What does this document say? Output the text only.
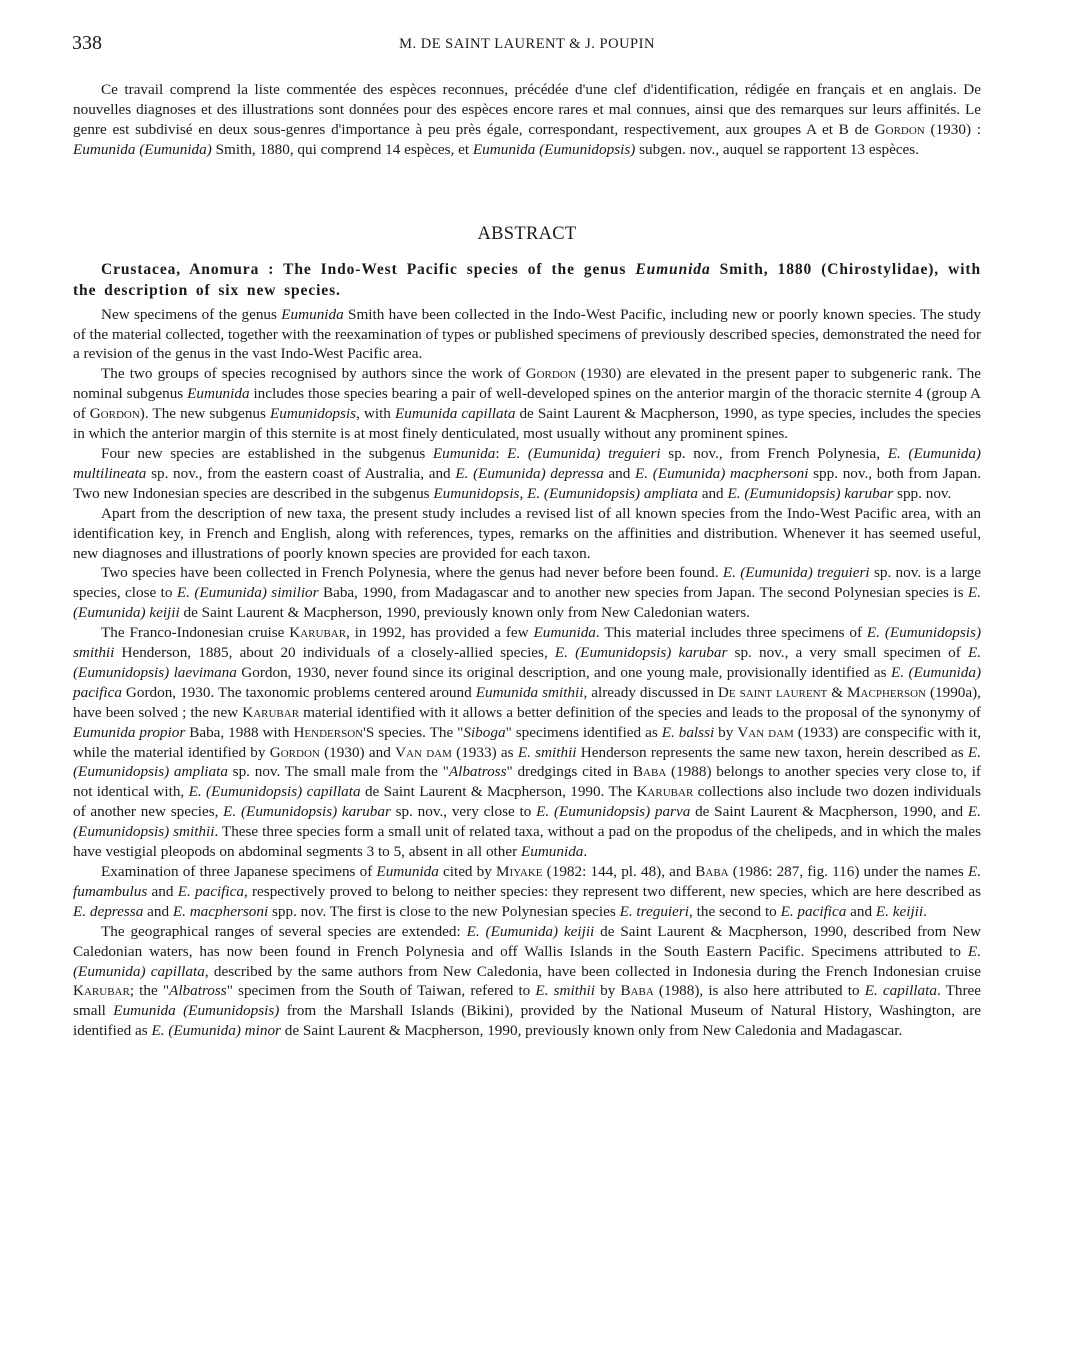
338	M. DE SAINT LAURENT & J. POUPIN

Ce travail comprend la liste commentée des espèces reconnues, précédée d'une clef d'identification, rédigée en français et en anglais. De nouvelles diagnoses et des illustrations sont données pour des espèces encore rares et mal connues, ainsi que des remarques sur leurs affinités. Le genre est subdivisé en deux sous-genres d'importance à peu près égale, correspondant, respectivement, aux groupes A et B de Gordon (1930) : Eumunida (Eumunida) Smith, 1880, qui comprend 14 espèces, et Eumunida (Eumunidopsis) subgen. nov., auquel se rapportent 13 espèces.

ABSTRACT
Crustacea, Anomura : The Indo-West Pacific species of the genus Eumunida Smith, 1880 (Chirostylidae), with the description of six new species.

New specimens of the genus Eumunida Smith have been collected in the Indo-West Pacific, including new or poorly known species. The study of the material collected, together with the reexamination of types or published specimens of previously described species, demonstrated the need for a revision of the genus in the vast Indo-West Pacific area.

The two groups of species recognised by authors since the work of Gordon (1930) are elevated in the present paper to subgeneric rank. The nominal subgenus Eumunida includes those species bearing a pair of well-developed spines on the anterior margin of the thoracic sternite 4 (group A of Gordon). The new subgenus Eumunidopsis, with Eumunida capillata de Saint Laurent & Macpherson, 1990, as type species, includes the species in which the anterior margin of this sternite is at most finely denticulated, most usually without any prominent spines.

Four new species are established in the subgenus Eumunida: E. (Eumunida) treguieri sp. nov., from French Polynesia, E. (Eumunida) multilineata sp. nov., from the eastern coast of Australia, and E. (Eumunida) depressa and E. (Eumunida) macphersoni spp. nov., both from Japan. Two new Indonesian species are described in the subgenus Eumunidopsis, E. (Eumunidopsis) ampliata and E. (Eumunidopsis) karubar spp. nov.

Apart from the description of new taxa, the present study includes a revised list of all known species from the Indo-West Pacific area, with an identification key, in French and English, along with references, types, remarks on the affinities and distribution. Whenever it has seemed useful, new diagnoses and illustrations of poorly known species are provided for each taxon.

Two species have been collected in French Polynesia, where the genus had never before been found. E. (Eumunida) treguieri sp. nov. is a large species, close to E. (Eumunida) similior Baba, 1990, from Madagascar and to another new species from Japan. The second Polynesian species is E. (Eumunida) keijii de Saint Laurent & Macpherson, 1990, previously known only from New Caledonian waters.

The Franco-Indonesian cruise Karubar, in 1992, has provided a few Eumunida. This material includes three specimens of E. (Eumunidopsis) smithii Henderson, 1885, about 20 individuals of a closely-allied species, E. (Eumunidopsis) karubar sp. nov., a very small specimen of E. (Eumunidopsis) laevimana Gordon, 1930, never found since its original description, and one young male, provisionally identified as E. (Eumunida) pacifica Gordon, 1930. The taxonomic problems centered around Eumunida smithii, already discussed in De saint laurent & Macpherson (1990a), have been solved ; the new Karubar material identified with it allows a better definition of the species and leads to the proposal of the synonymy of Eumunida propior Baba, 1988 with Henderson'S species. The "Siboga" specimens identified as E. balssi by Van dam (1933) are conspecific with it, while the material identified by Gordon (1930) and Van dam (1933) as E. smithii Henderson represents the same new taxon, herein described as E. (Eumunidopsis) ampliata sp. nov. The small male from the "Albatross" dredgings cited in Baba (1988) belongs to another species very close to, if not identical with, E. (Eumunidopsis) capillata de Saint Laurent & Macpherson, 1990. The Karubar collections also include two dozen individuals of another new species, E. (Eumunidopsis) karubar sp. nov., very close to E. (Eumunidopsis) parva de Saint Laurent & Macpherson, 1990, and E. (Eumunidopsis) smithii. These three species form a small unit of related taxa, without a pad on the propodus of the chelipeds, and in which the males have vestigial pleopods on abdominal segments 3 to 5, absent in all other Eumunida.

Examination of three Japanese specimens of Eumunida cited by Miyake (1982: 144, pl. 48), and Baba (1986: 287, fig. 116) under the names E. fumambulus and E. pacifica, respectively proved to belong to neither species: they represent two different, new species, which are here described as E. depressa and E. macphersoni spp. nov. The first is close to the new Polynesian species E. treguieri, the second to E. pacifica and E. keijii.

The geographical ranges of several species are extended: E. (Eumunida) keijii de Saint Laurent & Macpherson, 1990, described from New Caledonian waters, has now been found in French Polynesia and off Wallis Islands in the South Eastern Pacific. Specimens attributed to E. (Eumunida) capillata, described by the same authors from New Caledonia, have been collected in Indonesia during the French Indonesian cruise Karubar; the "Albatross" specimen from the South of Taiwan, refered to E. smithii by Baba (1988), is also here attributed to E. capillata. Three small Eumunida (Eumunidopsis) from the Marshall Islands (Bikini), provided by the National Museum of Natural History, Washington, are identified as E. (Eumunida) minor de Saint Laurent & Macpherson, 1990, previously known only from New Caledonia and Madagascar.
